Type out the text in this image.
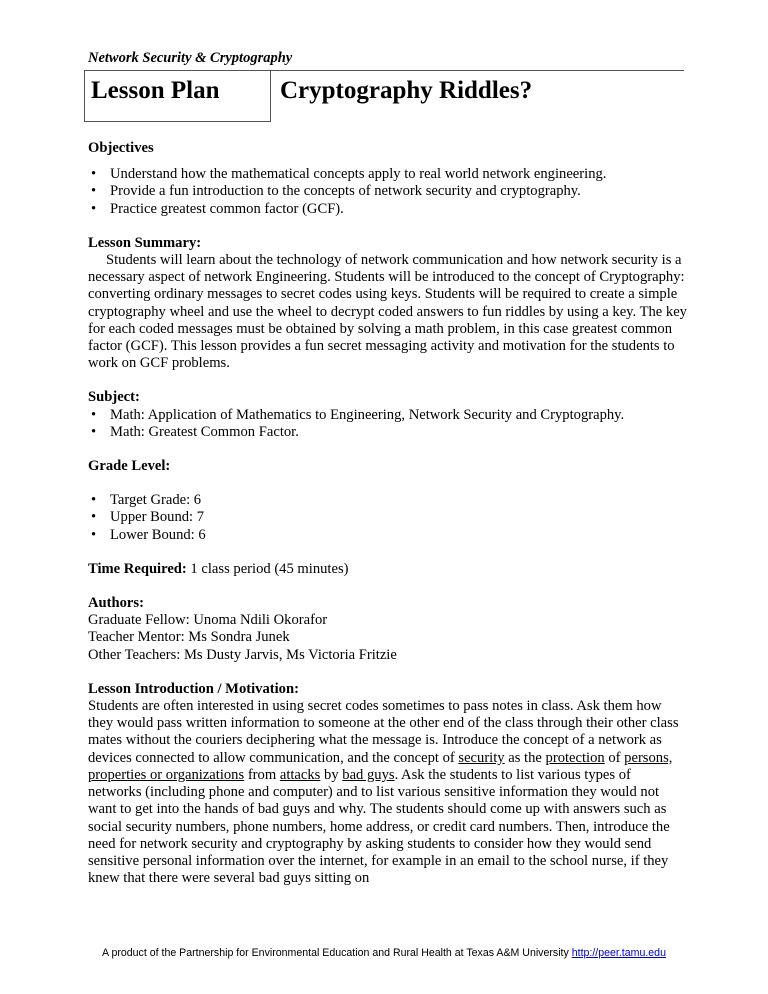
Network Security & Cryptography
Lesson Plan Cryptography Riddles?
Objectives
• Understand how the mathematical concepts apply to real world network engineering.
• Provide a fun introduction to the concepts of network security and cryptography.
• Practice greatest common factor (GCF).
Lesson Summary:
Students will learn about the technology of network communication and how network security is a necessary aspect of network Engineering. Students will be introduced to the concept of Cryptography: converting ordinary messages to secret codes using keys. Students will be required to create a simple cryptography wheel and use the wheel to decrypt coded answers to fun riddles by using a key. The key for each coded messages must be obtained by solving a math problem, in this case greatest common factor (GCF). This lesson provides a fun secret messaging activity and motivation for the students to work on GCF problems.
Subject:
• Math: Application of Mathematics to Engineering, Network Security and Cryptography.
• Math: Greatest Common Factor.
Grade Level:
• Target Grade: 6
• Upper Bound: 7
• Lower Bound: 6
Time Required: 1 class period (45 minutes)
Authors:
Graduate Fellow: Unoma Ndili Okorafor
Teacher Mentor: Ms Sondra Junek
Other Teachers: Ms Dusty Jarvis, Ms Victoria Fritzie
Lesson Introduction / Motivation:
Students are often interested in using secret codes sometimes to pass notes in class. Ask them how they would pass written information to someone at the other end of the class through their other class mates without the couriers deciphering what the message is. Introduce the concept of a network as devices connected to allow communication, and the concept of security as the protection of persons, properties or organizations from attacks by bad guys. Ask the students to list various types of networks (including phone and computer) and to list various sensitive information they would not want to get into the hands of bad guys and why. The students should come up with answers such as social security numbers, phone numbers, home address, or credit card numbers. Then, introduce the need for network security and cryptography by asking students to consider how they would send sensitive personal information over the internet, for example in an email to the school nurse, if they knew that there were several bad guys sitting on
A product of the Partnership for Environmental Education and Rural Health at Texas A&M University http://peer.tamu.edu
